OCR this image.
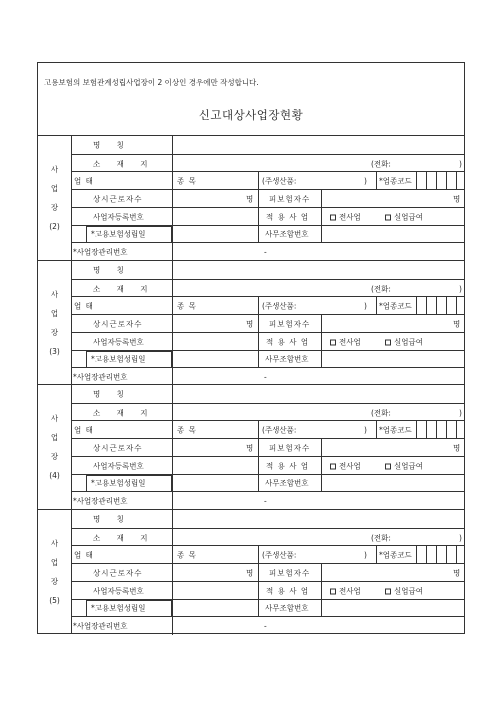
고용보험의 보험관계성립사업장이 2 이상인 경우에만 작성합니다.
신고대상사업장현황
사
업
장
(2)
명 칭
소 재 지	(전화:	)
업 태	종 목	(주생산품:	) *업종코드
상시근로자수	명 피보험자수	명
사업자등록번호	적 용 사 업	전사업	실업급여
*고용보험성립일	사무조합번호
*사업장관리번호	-
사
업
장
(3)
명 칭
소 재 지	(전화:	)
업 태	종 목	(주생산품:	) *업종코드
상시근로자수	명 피보험자수	명
사업자등록번호	적 용 사 업	전사업	실업급여
*고용보험성립일	사무조합번호
*사업장관리번호	-
사
업
장
(4)
명 칭
소 재 지	(전화:	)
업 태	종 목	(주생산품:	) *업종코드
상시근로자수	명 피보험자수	명
사업자등록번호	적 용 사 업	전사업	실업급여
*고용보험성립일	사무조합번호
*사업장관리번호	-
사
업
장
(5)
명 칭
소 재 지	(전화:	)
업 태	종 목	(주생산품:	) *업종코드
상시근로자수	명 피보험자수	명
사업자등록번호	적 용 사 업	전사업	실업급여
*고용보험성립일	사무조합번호
*사업장관리번호	-
